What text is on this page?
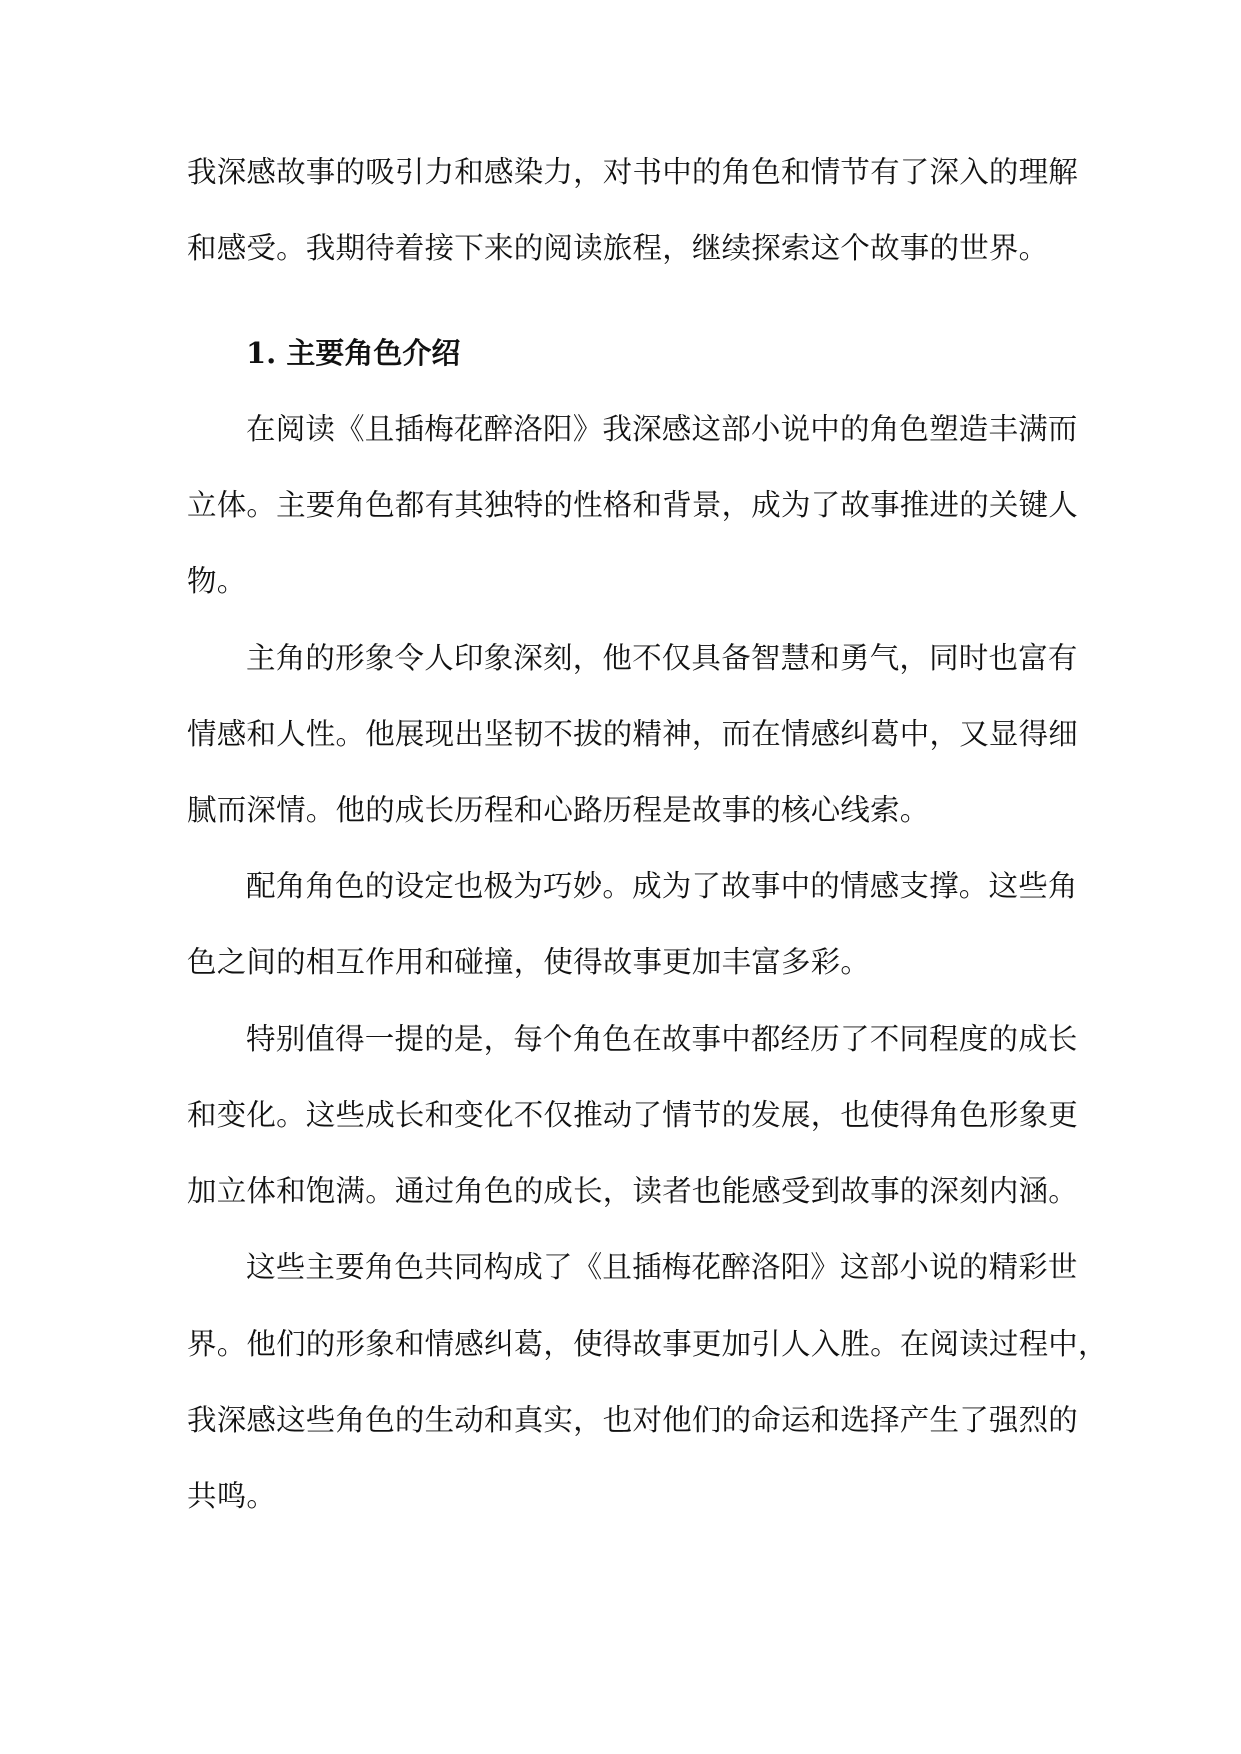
我深感故事的吸引力和感染力，对书中的角色和情节有了深入的理解
和感受。我期待着接下来的阅读旅程，继续探索这个故事的世界。
1. 主要角色介绍
在阅读《且插梅花醉洛阳》我深感这部小说中的角色塑造丰满而
立体。主要角色都有其独特的性格和背景，成为了故事推进的关键人
物。
主角的形象令人印象深刻，他不仅具备智慧和勇气，同时也富有
情感和人性。他展现出坚韧不拔的精神，而在情感纠葛中，又显得细
腻而深情。他的成长历程和心路历程是故事的核心线索。
配角角色的设定也极为巧妙。成为了故事中的情感支撑。这些角
色之间的相互作用和碰撞，使得故事更加丰富多彩。
特别值得一提的是，每个角色在故事中都经历了不同程度的成长
和变化。这些成长和变化不仅推动了情节的发展，也使得角色形象更
加立体和饱满。通过角色的成长，读者也能感受到故事的深刻内涵。
这些主要角色共同构成了《且插梅花醉洛阳》这部小说的精彩世
界。他们的形象和情感纠葛，使得故事更加引人入胜。在阅读过程中，
我深感这些角色的生动和真实，也对他们的命运和选择产生了强烈的
共鸣。
